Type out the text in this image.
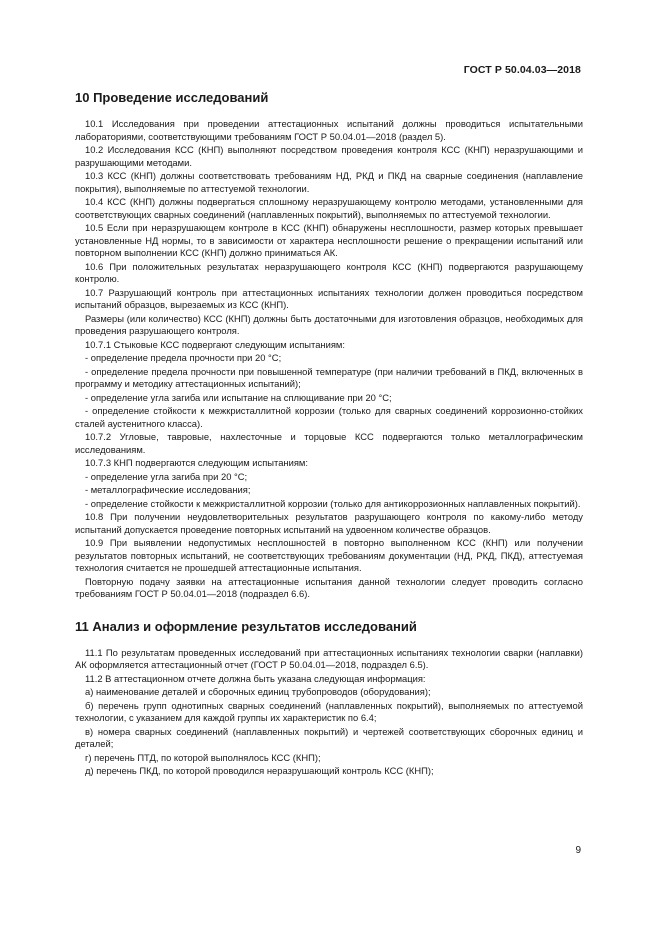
ГОСТ Р 50.04.03—2018
10 Проведение исследований
10.1 Исследования при проведении аттестационных испытаний должны проводиться испытательными лабораториями, соответствующими требованиям ГОСТ Р 50.04.01—2018 (раздел 5).
10.2 Исследования КСС (КНП) выполняют посредством проведения контроля КСС (КНП) неразрушающими и разрушающими методами.
10.3 КСС (КНП) должны соответствовать требованиям НД, РКД и ПКД на сварные соединения (наплавление покрытия), выполняемые по аттестуемой технологии.
10.4 КСС (КНП) должны подвергаться сплошному неразрушающему контролю методами, установленными для соответствующих сварных соединений (наплавленных покрытий), выполняемых по аттестуемой технологии.
10.5 Если при неразрушающем контроле в КСС (КНП) обнаружены несплошности, размер которых превышает установленные НД нормы, то в зависимости от характера несплошности решение о прекращении испытаний или повторном выполнении КСС (КНП) должно приниматься АК.
10.6 При положительных результатах неразрушающего контроля КСС (КНП) подвергаются разрушающему контролю.
10.7 Разрушающий контроль при аттестационных испытаниях технологии должен проводиться посредством испытаний образцов, вырезаемых из КСС (КНП).
Размеры (или количество) КСС (КНП) должны быть достаточными для изготовления образцов, необходимых для проведения разрушающего контроля.
10.7.1 Стыковые КСС подвергают следующим испытаниям:
- определение предела прочности при 20 °С;
- определение предела прочности при повышенной температуре (при наличии требований в ПКД, включенных в программу и методику аттестационных испытаний);
- определение угла загиба или испытание на сплющивание при 20 °С;
- определение стойкости к межкристаллитной коррозии (только для сварных соединений коррозионно-стойких сталей аустенитного класса).
10.7.2 Угловые, тавровые, нахлесточные и торцовые КСС подвергаются только металлографическим исследованиям.
10.7.3 КНП подвергаются следующим испытаниям:
- определение угла загиба при 20 °С;
- металлографические исследования;
- определение стойкости к межкристаллитной коррозии (только для антикоррозионных наплавленных покрытий).
10.8 При получении неудовлетворительных результатов разрушающего контроля по какому-либо методу испытаний допускается проведение повторных испытаний на удвоенном количестве образцов.
10.9 При выявлении недопустимых несплошностей в повторно выполненном КСС (КНП) или получении результатов повторных испытаний, не соответствующих требованиям документации (НД, РКД, ПКД), аттестуемая технология считается не прошедшей аттестационные испытания.
Повторную подачу заявки на аттестационные испытания данной технологии следует проводить согласно требованиям ГОСТ Р 50.04.01—2018 (подраздел 6.6).
11 Анализ и оформление результатов исследований
11.1 По результатам проведенных исследований при аттестационных испытаниях технологии сварки (наплавки) АК оформляется аттестационный отчет (ГОСТ Р 50.04.01—2018, подраздел 6.5).
11.2 В аттестационном отчете должна быть указана следующая информация:
а) наименование деталей и сборочных единиц трубопроводов (оборудования);
б) перечень групп однотипных сварных соединений (наплавленных покрытий), выполняемых по аттестуемой технологии, с указанием для каждой группы их характеристик по 6.4;
в) номера сварных соединений (наплавленных покрытий) и чертежей соответствующих сборочных единиц и деталей;
г) перечень ПТД, по которой выполнялось КСС (КНП);
д) перечень ПКД, по которой проводился неразрушающий контроль КСС (КНП);
9
